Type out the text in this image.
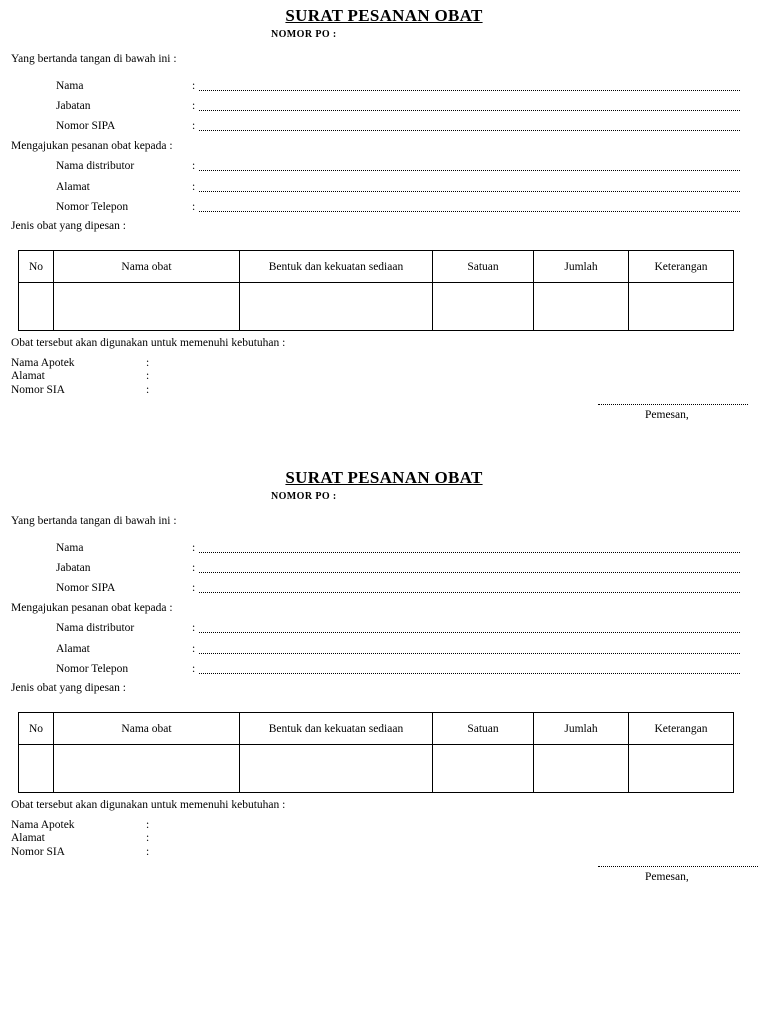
SURAT PESANAN OBAT
NOMOR PO :
Yang bertanda tangan di bawah ini :
Nama	:
Jabatan	:
Nomor SIPA	:
Mengajukan pesanan obat kepada :
Nama distributor	:
Alamat	:
Nomor Telepon	:
Jenis obat yang dipesan :
No	Nama obat	Bentuk dan kekuatan sediaan	Satuan	Jumlah	Keterangan

Obat tersebut akan digunakan untuk memenuhi kebutuhan :
Nama Apotek	:
Alamat	:
Nomor SIA	:
Pemesan,
SURAT PESANAN OBAT
NOMOR PO :
Yang bertanda tangan di bawah ini :
Nama	:
Jabatan	:
Nomor SIPA	:
Mengajukan pesanan obat kepada :
Nama distributor	:
Alamat	:
Nomor Telepon	:
Jenis obat yang dipesan :
No	Nama obat	Bentuk dan kekuatan sediaan	Satuan	Jumlah	Keterangan

Obat tersebut akan digunakan untuk memenuhi kebutuhan :
Nama Apotek	:
Alamat	:
Nomor SIA	:
Pemesan,
